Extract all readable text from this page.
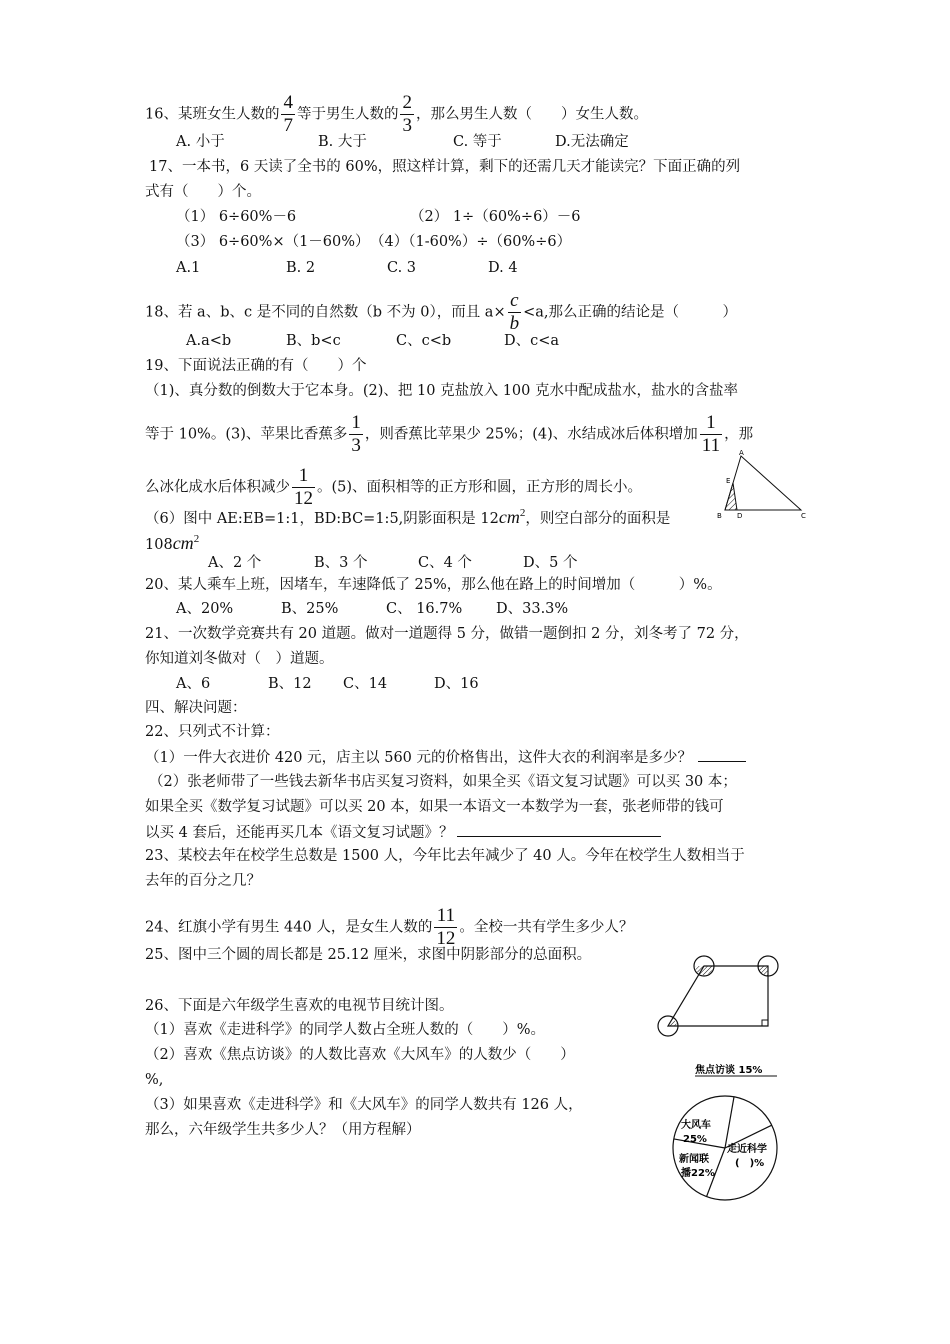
16、某班女生人数的 $\frac{4}{7}$ 等于男生人数的 $\frac{2}{3}$ ，那么男生人数（　　）女生人数。
A. 小于	B. 大于	C. 等于	D.无法确定
17、一本书，6 天读了全书的 60%，照这样计算，剩下的还需几天才能读完？下面正确的列
式有（　　）个。
（1） 6÷60%－6	（2） 1÷（60%÷6）－6
（3） 6÷60%×（1－60%） （4）（1-60%）÷（60%÷6）
A.1	B. 2	C. 3	D. 4
18、若 a、b、c 是不同的自然数（b 不为 0），而且 $a\times \frac{c}{b} <a$,那么正确的结论是（　　　）
A.a<b	B、b<c	C、c<b	D、c<a
19、下面说法正确的有（　　）个
（1)、真分数的倒数大于它本身。(2)、把 10 克盐放入 100 克水中配成盐水，盐水的含盐率
等于 10%。(3)、苹果比香蕉多 $\frac{1}{3}$ ，则香蕉比苹果少 25%；(4)、水结成冰后体积增加 $\frac{1}{11}$ ，那
么冰化成水后体积减少 $\frac{1}{12}$ 。(5)、面积相等的正方形和圆，正方形的周长小。
（6）图中 AE:EB=1:1，BD:BC=1:5,阴影面积是 $12cm^2$，则空白部分的面积是
$108cm^2$
A、2 个	B、3 个	C、4 个	D、5 个
A
E
B D	C
20、某人乘车上班，因堵车，车速降低了 25%，那么他在路上的时间增加（　　　）%。
A、20%	B、25%	C、 16.7% D、33.3%
21、一次数学竞赛共有 20 道题。做对一道题得 5 分，做错一题倒扣 2 分，刘冬考了 72 分，
你知道刘冬做对（　）道题。
A、6	B、12 C、14	D、16
四、解决问题：
22、只列式不计算：
（1）一件大衣进价 420 元，店主以 560 元的价格售出，这件大衣的利润率是多少？
（2）张老师带了一些钱去新华书店买复习资料，如果全买《语文复习试题》可以买 30 本；
如果全买《数学复习试题》可以买 20 本，如果一本语文一本数学为一套，张老师带的钱可
以买 4 套后，还能再买几本《语文复习试题》？
23、某校去年在校学生总数是 1500 人，今年比去年减少了 40 人。今年在校学生人数相当于
去年的百分之几？
24、红旗小学有男生 440 人，是女生人数的 $\frac{11}{12}$ 。全校一共有学生多少人？
25、图中三个圆的周长都是 25.12 厘米，求图中阴影部分的总面积。
26、下面是六年级学生喜欢的电视节目统计图。
（1）喜欢《走进科学》的同学人数占全班人数的（　　）%。
（2）喜欢《焦点访谈》的人数比喜欢《大风车》的人数少（　　）
%,
（3）如果喜欢《走进科学》和《大风车》的同学人数共有 126 人，
那么，六年级学生共多少人？（用方程解）
焦点访谈 15%
大风车
25%
新闻联
播22%
走近科学
(　)%
